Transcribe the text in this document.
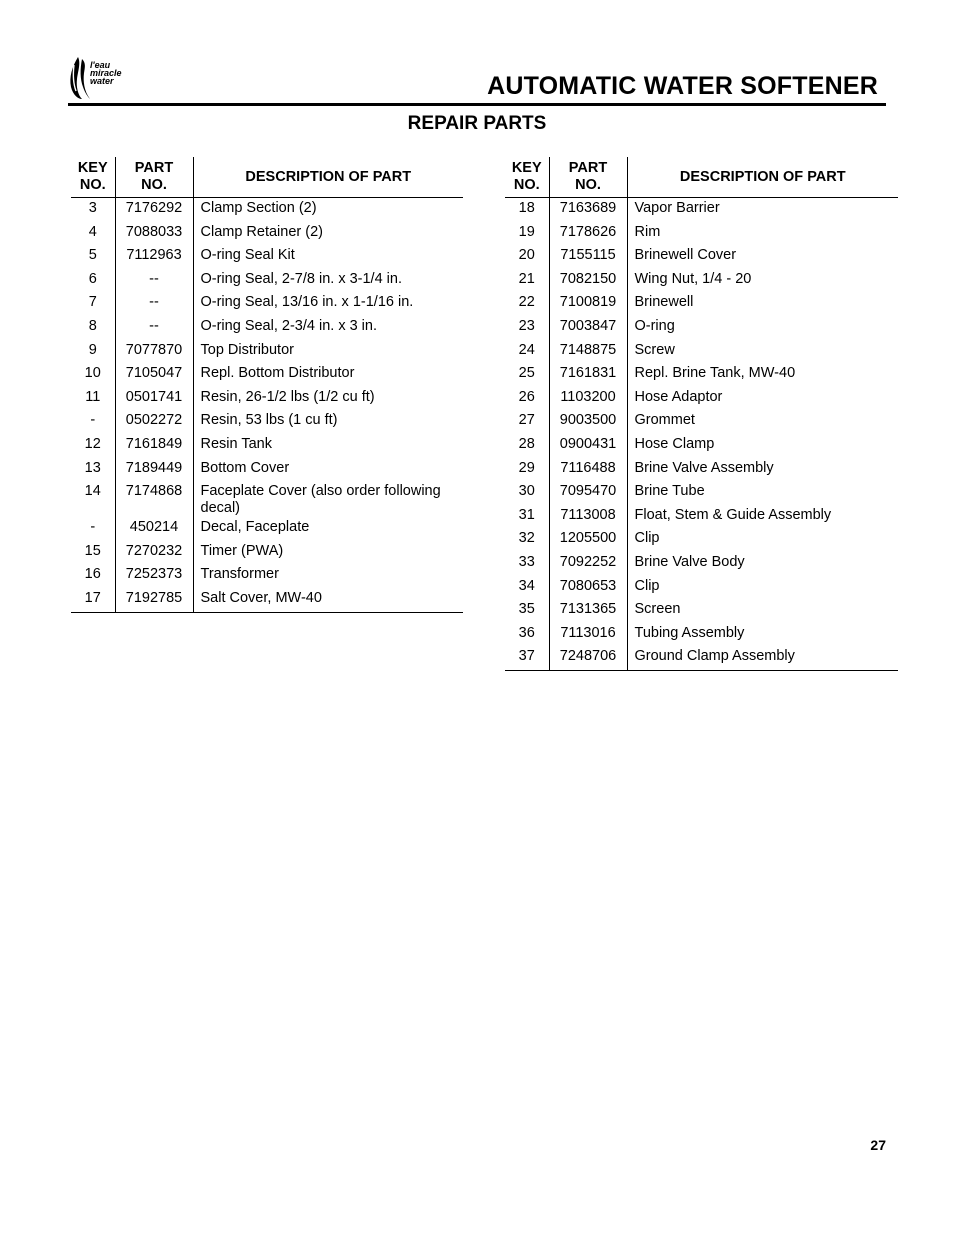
l'eau
miracle
water	AUTOMATIC WATER SOFTENER
REPAIR PARTS
KEY
NO.	PART
NO.	DESCRIPTION OF PART
3	7176292	Clamp Section (2)
4	7088033	Clamp Retainer (2)
5	7112963	O-ring Seal Kit
6	--	O-ring Seal, 2-7/8 in. x 3-1/4 in.
7	--	O-ring Seal, 13/16 in. x 1-1/16 in.
8	--	O-ring Seal, 2-3/4 in. x 3 in.
9	7077870	Top Distributor
10	7105047	Repl. Bottom Distributor
11	0501741	Resin, 26-1/2 lbs (1/2 cu ft)
-	0502272	Resin, 53 lbs (1 cu ft)
12	7161849	Resin Tank
13	7189449	Bottom Cover
14	7174868	Faceplate Cover (also order following decal)
-	450214	Decal, Faceplate
15	7270232	Timer (PWA)
16	7252373	Transformer
17	7192785	Salt Cover, MW-40
KEY
NO.	PART
NO.	DESCRIPTION OF PART
18	7163689	Vapor Barrier
19	7178626	Rim
20	7155115	Brinewell Cover
21	7082150	Wing Nut, 1/4 - 20
22	7100819	Brinewell
23	7003847	O-ring
24	7148875	Screw
25	7161831	Repl. Brine Tank, MW-40
26	1103200	Hose Adaptor
27	9003500	Grommet
28	0900431	Hose Clamp
29	7116488	Brine Valve Assembly
30	7095470	Brine Tube
31	7113008	Float, Stem & Guide Assembly
32	1205500	Clip
33	7092252	Brine Valve Body
34	7080653	Clip
35	7131365	Screen
36	7113016	Tubing Assembly
37	7248706	Ground Clamp Assembly
27
